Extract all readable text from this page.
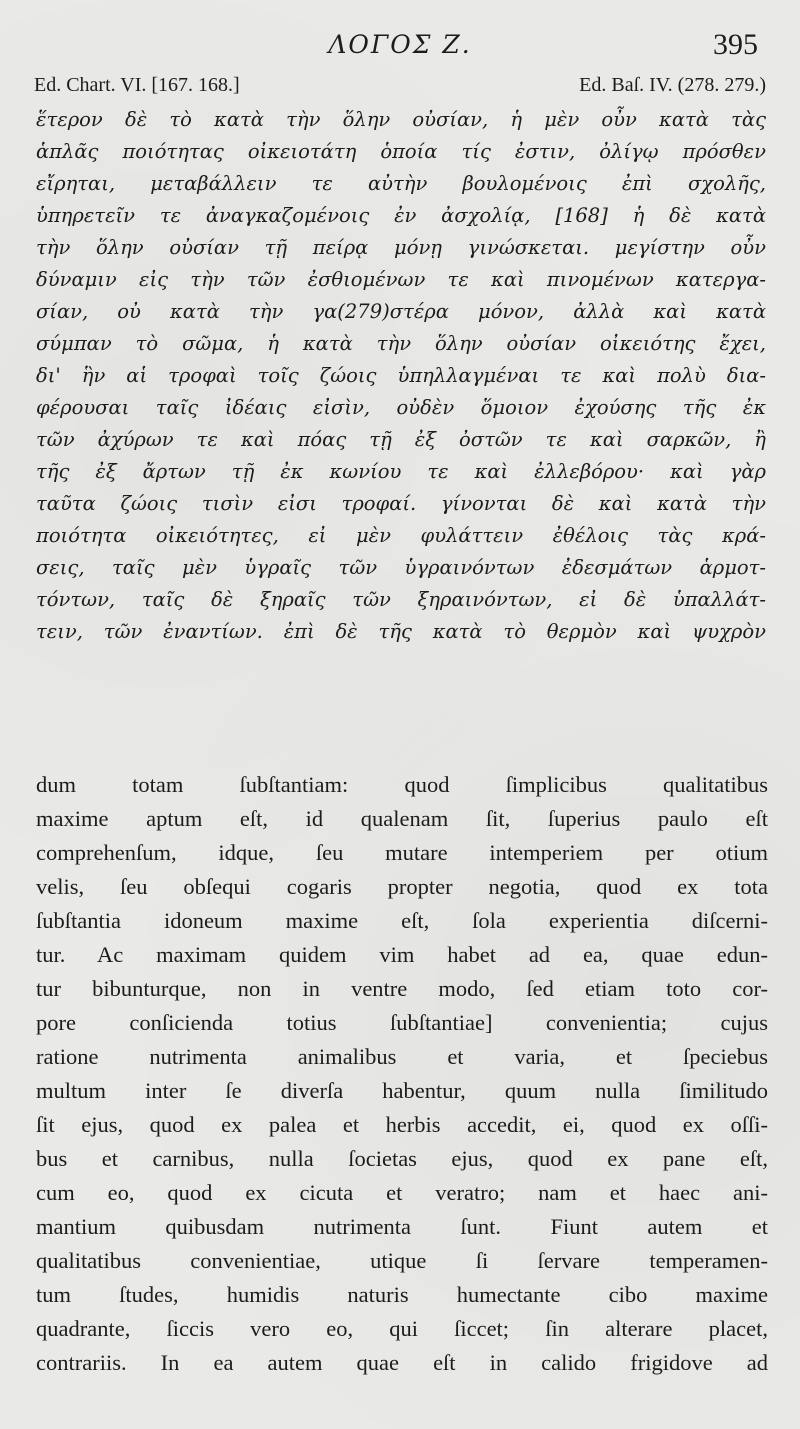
ΛΟΓΟΣ Ζ.	395
Ed. Chart. VI. [167. 168.]	Ed. Baſ. IV. (278. 279.)
ἕτερον δὲ τὸ κατὰ τὴν ὅλην οὐσίαν, ἡ μὲν οὖν κατὰ τὰς
ἁπλᾶς ποιότητας οἰκειοτάτη ὁποία τίς ἐστιν, ὀλίγῳ πρόσθεν
εἴρηται, μεταβάλλειν τε αὐτὴν βουλομένοις ἐπὶ σχολῆς,
ὑπηρετεῖν τε ἀναγκαζομένοις ἐν ἀσχολίᾳ, [168] ἡ δὲ κατὰ
τὴν ὅλην οὐσίαν τῇ πείρᾳ μόνῃ γινώσκεται. μεγίστην οὖν
δύναμιν εἰς τὴν τῶν ἐσθιομένων τε καὶ πινομένων κατεργα-
σίαν, οὐ κατὰ τὴν γα(279)στέρα μόνον, ἀλλὰ καὶ κατὰ
σύμπαν τὸ σῶμα, ἡ κατὰ τὴν ὅλην οὐσίαν οἰκειότης ἔχει,
δι' ἣν αἱ τροφαὶ τοῖς ζώοις ὑπηλλαγμέναι τε καὶ πολὺ δια-
φέρουσαι ταῖς ἰδέαις εἰσὶν, οὐδὲν ὅμοιον ἐχούσης τῆς ἐκ
τῶν ἀχύρων τε καὶ πόας τῇ ἐξ ὀστῶν τε καὶ σαρκῶν, ἢ
τῆς ἐξ ἄρτων τῇ ἐκ κωνίου τε καὶ ἐλλεβόρου· καὶ γὰρ
ταῦτα ζώοις τισὶν εἰσι τροφαί. γίνονται δὲ καὶ κατὰ τὴν
ποιότητα οἰκειότητες, εἰ μὲν φυλάττειν ἐθέλοις τὰς κρά-
σεις, ταῖς μὲν ὑγραῖς τῶν ὑγραινόντων ἐδεσμάτων ἁρμοτ-
τόντων, ταῖς δὲ ξηραῖς τῶν ξηραινόντων, εἰ δὲ ὑπαλλάτ-
τειν, τῶν ἐναντίων. ἐπὶ δὲ τῆς κατὰ τὸ θερμὸν καὶ ψυχρὸν
dum totam ſubſtantiam: quod ſimplicibus qualitatibus
maxime aptum eſt, id qualenam ſit, ſuperius paulo eſt
comprehenſum, idque, ſeu mutare intemperiem per otium
velis, ſeu obſequi cogaris propter negotia, quod ex tota
ſubſtantia idoneum maxime eſt, ſola experientia diſcerni-
tur. Ac maximam quidem vim habet ad ea, quae edun-
tur bibunturque, non in ventre modo, ſed etiam toto cor-
pore conſicienda totius ſubſtantiae] convenientia; cujus
ratione nutrimenta animalibus et varia, et ſpeciebus
multum inter ſe diverſa habentur, quum nulla ſimilitudo
ſit ejus, quod ex palea et herbis accedit, ei, quod ex oſſi-
bus et carnibus, nulla ſocietas ejus, quod ex pane eſt,
cum eo, quod ex cicuta et veratro; nam et haec ani-
mantium quibusdam nutrimenta ſunt. Fiunt autem et
qualitatibus convenientiae, utique ſi ſervare temperamen-
tum ſtudes, humidis naturis humectante cibo maxime
quadrante, ſiccis vero eo, qui ſiccet; ſin alterare placet,
contrariis. In ea autem quae eſt in calido frigidove ad
